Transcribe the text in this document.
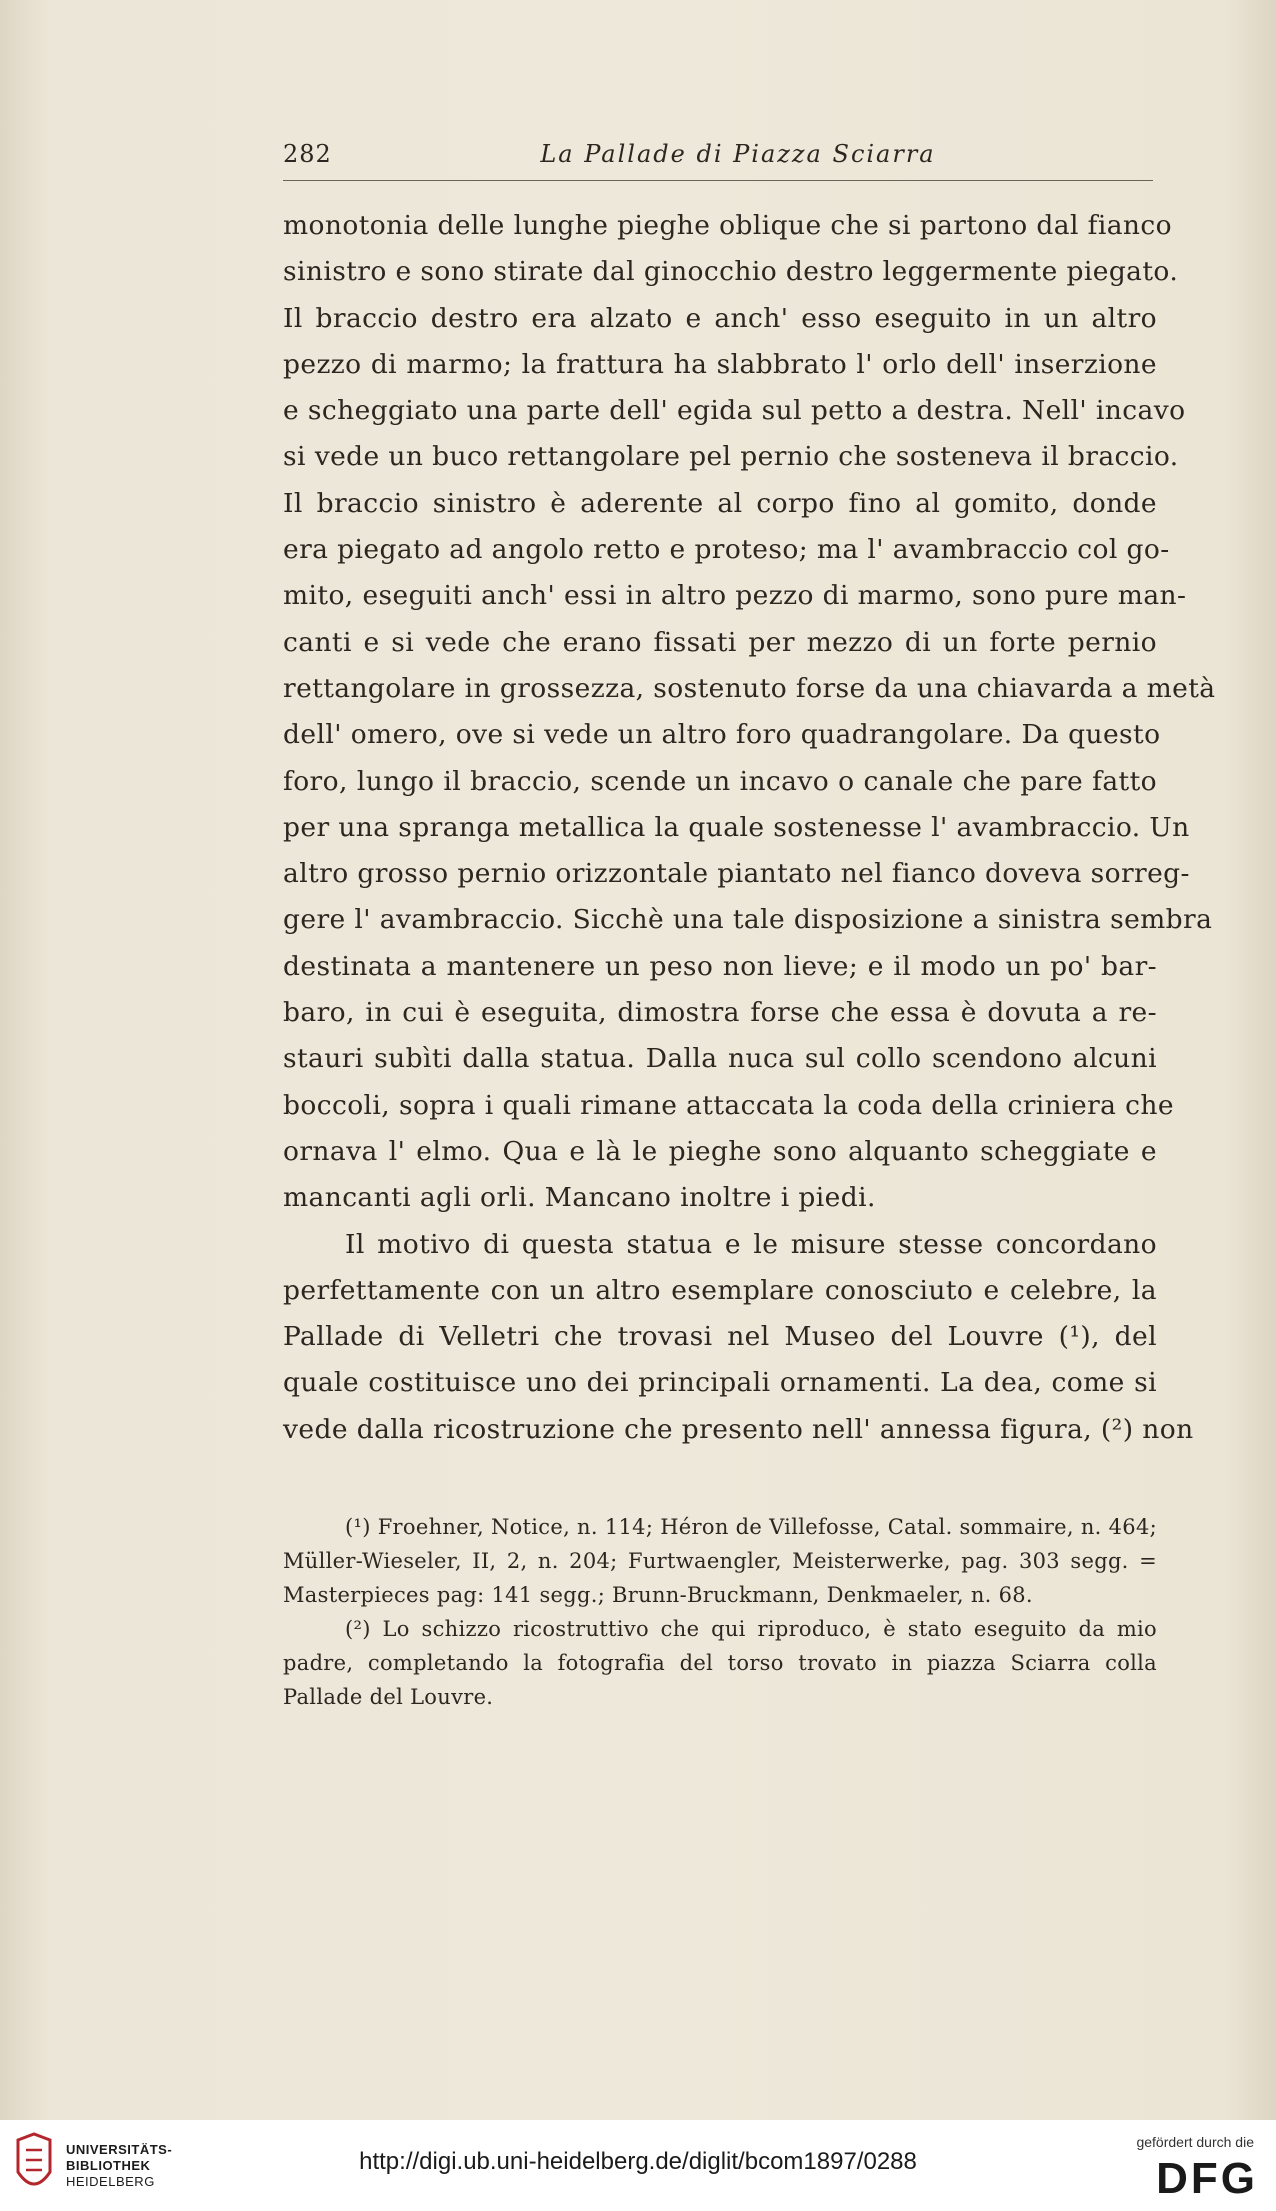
282	La Pallade di Piazza Sciarra

monotonia delle lunghe pieghe oblique che si partono dal fianco
sinistro e sono stirate dal ginocchio destro leggermente piegato.
Il braccio destro era alzato e anch' esso eseguito in un altro
pezzo di marmo; la frattura ha slabbrato l' orlo dell' inserzione
e scheggiato una parte dell' egida sul petto a destra. Nell' incavo
si vede un buco rettangolare pel pernio che sosteneva il braccio.
Il braccio sinistro è aderente al corpo fino al gomito, donde
era piegato ad angolo retto e proteso; ma l' avambraccio col go-
mito, eseguiti anch' essi in altro pezzo di marmo, sono pure man-
canti e si vede che erano fissati per mezzo di un forte pernio
rettangolare in grossezza, sostenuto forse da una chiavarda a metà
dell' omero, ove si vede un altro foro quadrangolare. Da questo
foro, lungo il braccio, scende un incavo o canale che pare fatto
per una spranga metallica la quale sostenesse l' avambraccio. Un
altro grosso pernio orizzontale piantato nel fianco doveva sorreg-
gere l' avambraccio. Sicchè una tale disposizione a sinistra sembra
destinata a mantenere un peso non lieve; e il modo un po' bar-
baro, in cui è eseguita, dimostra forse che essa è dovuta a re-
stauri subìti dalla statua. Dalla nuca sul collo scendono alcuni
boccoli, sopra i quali rimane attaccata la coda della criniera che
ornava l' elmo. Qua e là le pieghe sono alquanto scheggiate e
mancanti agli orli. Mancano inoltre i piedi.

Il motivo di questa statua e le misure stesse concordano
perfettamente con un altro esemplare conosciuto e celebre, la
Pallade di Velletri che trovasi nel Museo del Louvre (¹), del
quale costituisce uno dei principali ornamenti. La dea, come si
vede dalla ricostruzione che presento nell' annessa figura, (²) non

(¹) Froehner, Notice, n. 114; Héron de Villefosse, Catal. sommaire, n. 464;
Müller-Wieseler, II, 2, n. 204; Furtwaengler, Meisterwerke, pag. 303 segg. =
Masterpieces pag: 141 segg.; Brunn-Bruckmann, Denkmaeler, n. 68.
(²) Lo schizzo ricostruttivo che qui riproduco, è stato eseguito da mio
padre, completando la fotografia del torso trovato in piazza Sciarra colla
Pallade del Louvre.
UNIVERSITÄTS-
BIBLIOTHEK
HEIDELBERG
http://digi.ub.uni-heidelberg.de/diglit/bcom1897/0288
gefördert durch die
DFG
